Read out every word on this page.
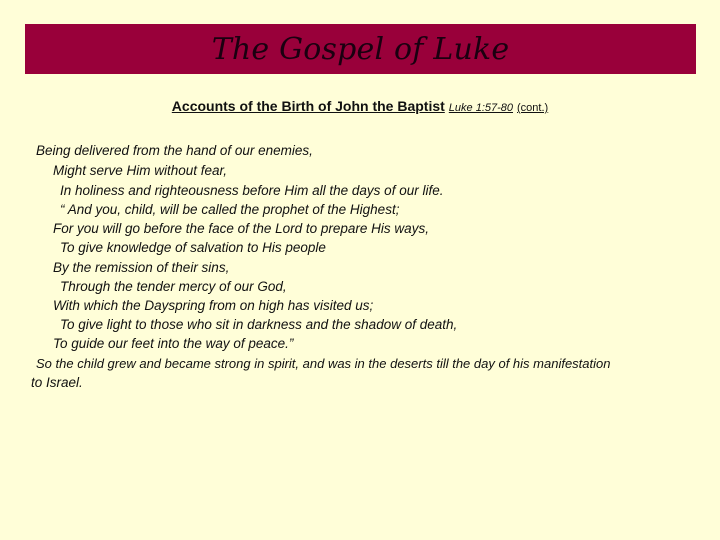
The Gospel of Luke
Accounts of the Birth of John the Baptist Luke 1:57-80 (cont.)
Being delivered from the hand of our enemies,
Might serve Him without fear,
In holiness and righteousness before Him all the days of our life.
“ And you, child, will be called the prophet of the Highest;
For you will go before the face of the Lord to prepare His ways,
To give knowledge of salvation to His people
By the remission of their sins,
Through the tender mercy of our God,
With which the Dayspring from on high has visited us;
To give light to those who sit in darkness and the shadow of death,
To guide our feet into the way of peace.”
So the child grew and became strong in spirit, and was in the deserts till the day of his manifestation
to Israel.
